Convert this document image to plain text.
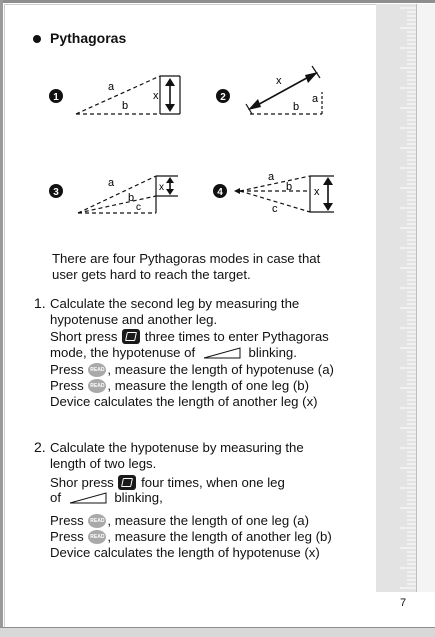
Pythagoras
1
a
b
x	2
x
b
a
3
a
b
c
x	4
a
b
c
x
There are four Pythagoras modes in case that
user gets hard to reach the target.
1. Calculate the second leg by measuring the
hypotenuse and another leg.
Short press three times to enter Pythagoras
mode, the hypotenuse of	blinking.
Press READ , measure the length of hypotenuse (a)
Press READ , measure the length of one leg (b)
Device calculates the length of another leg (x)
2. Calculate the hypotenuse by measuring the
length of two legs.
Shor press four times, when one leg
of	blinking,
Press READ , measure the length of one leg (a)
Press READ , measure the length of another leg (b)
Device calculates the length of hypotenuse (x)
7
